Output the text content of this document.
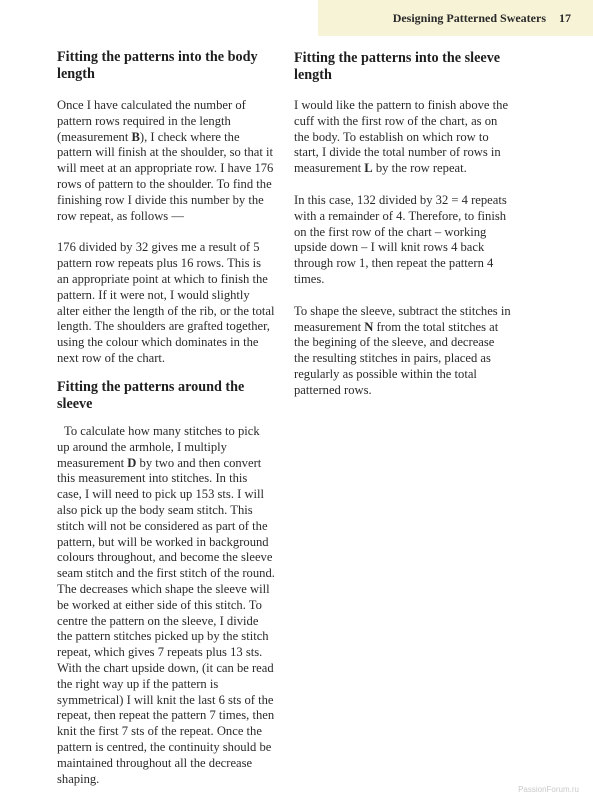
Designing Patterned Sweaters 17
Fitting the patterns into the body length

Once I have calculated the number of pattern rows required in the length (measurement B), I check where the pattern will finish at the shoulder, so that it will meet at an appropriate row. I have 176 rows of pattern to the shoulder. To find the finishing row I divide this number by the row repeat, as follows —

176 divided by 32 gives me a result of 5 pattern row repeats plus 16 rows. This is an appropriate point at which to finish the pattern. If it were not, I would slightly alter either the length of the rib, or the total length. The shoulders are grafted together, using the colour which dominates in the next row of the chart.

Fitting the patterns around the sleeve

To calculate how many stitches to pick up around the armhole, I multiply measurement D by two and then convert this measurement into stitches. In this case, I will need to pick up 153 sts. I will also pick up the body seam stitch. This stitch will not be considered as part of the pattern, but will be worked in background colours throughout, and become the sleeve seam stitch and the first stitch of the round. The decreases which shape the sleeve will be worked at either side of this stitch. To centre the pattern on the sleeve, I divide the pattern stitches picked up by the stitch repeat, which gives 7 repeats plus 13 sts. With the chart upside down, (it can be read the right way up if the pattern is symmetrical) I will knit the last 6 sts of the repeat, then repeat the pattern 7 times, then knit the first 7 sts of the repeat. Once the pattern is centred, the continuity should be maintained throughout all the decrease shaping.

Fitting the patterns into the sleeve length

I would like the pattern to finish above the cuff with the first row of the chart, as on the body. To establish on which row to start, I divide the total number of rows in measurement L by the row repeat.

In this case, 132 divided by 32 = 4 repeats with a remainder of 4. Therefore, to finish on the first row of the chart – working upside down – I will knit rows 4 back through row 1, then repeat the pattern 4 times.

To shape the sleeve, subtract the stitches in measurement N from the total stitches at the begining of the sleeve, and decrease the resulting stitches in pairs, placed as regularly as possible within the total patterned rows.

PassionForum.ru
